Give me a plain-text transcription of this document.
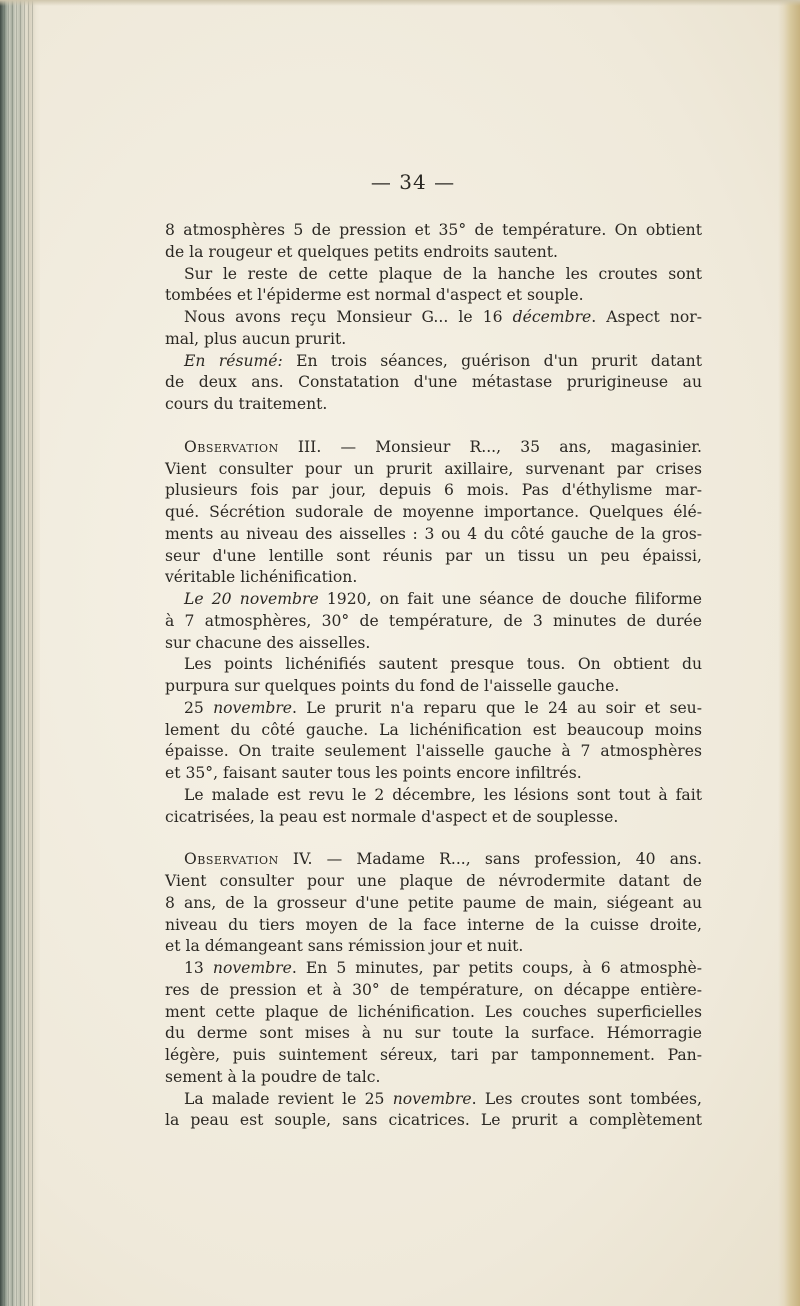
— 34 —
8 atmosphères 5 de pression et 35° de température. On obtient
de la rougeur et quelques petits endroits sautent.
Sur le reste de cette plaque de la hanche les croutes sont
tombées et l'épiderme est normal d'aspect et souple.
Nous avons reçu Monsieur G... le 16 décembre. Aspect nor-
mal, plus aucun prurit.
En résumé: En trois séances, guérison d'un prurit datant
de deux ans. Constatation d'une métastase prurigineuse au
cours du traitement.
Observation III. — Monsieur R..., 35 ans, magasinier.
Vient consulter pour un prurit axillaire, survenant par crises
plusieurs fois par jour, depuis 6 mois. Pas d'éthylisme mar-
qué. Sécrétion sudorale de moyenne importance. Quelques élé-
ments au niveau des aisselles : 3 ou 4 du côté gauche de la gros-
seur d'une lentille sont réunis par un tissu un peu épaissi,
véritable lichénification.
Le 20 novembre 1920, on fait une séance de douche filiforme
à 7 atmosphères, 30° de température, de 3 minutes de durée
sur chacune des aisselles.
Les points lichénifiés sautent presque tous. On obtient du
purpura sur quelques points du fond de l'aisselle gauche.
25 novembre. Le prurit n'a reparu que le 24 au soir et seu-
lement du côté gauche. La lichénification est beaucoup moins
épaisse. On traite seulement l'aisselle gauche à 7 atmosphères
et 35°, faisant sauter tous les points encore infiltrés.
Le malade est revu le 2 décembre, les lésions sont tout à fait
cicatrisées, la peau est normale d'aspect et de souplesse.
Observation IV. — Madame R..., sans profession, 40 ans.
Vient consulter pour une plaque de névrodermite datant de
8 ans, de la grosseur d'une petite paume de main, siégeant au
niveau du tiers moyen de la face interne de la cuisse droite,
et la démangeant sans rémission jour et nuit.
13 novembre. En 5 minutes, par petits coups, à 6 atmosphè-
res de pression et à 30° de température, on décappe entière-
ment cette plaque de lichénification. Les couches superficielles
du derme sont mises à nu sur toute la surface. Hémorragie
légère, puis suintement séreux, tari par tamponnement. Pan-
sement à la poudre de talc.
La malade revient le 25 novembre. Les croutes sont tombées,
la peau est souple, sans cicatrices. Le prurit a complètement
